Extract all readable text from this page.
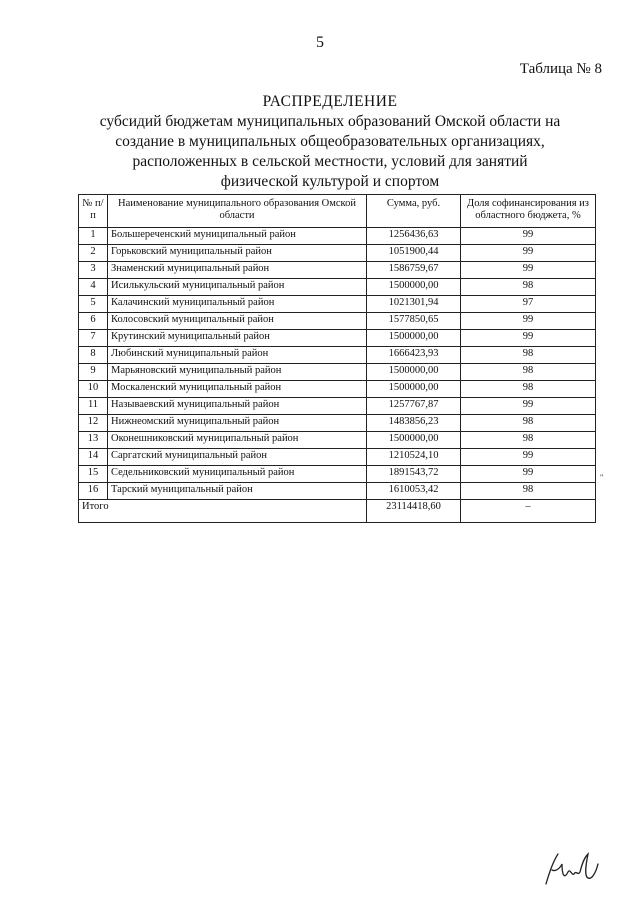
5
Таблица № 8
РАСПРЕДЕЛЕНИЕ
субсидий бюджетам муниципальных образований Омской области на
создание в муниципальных общеобразовательных организациях,
расположенных в сельской местности, условий для занятий
физической культурой и спортом
№ п/п	Наименование муниципального образования Омской области	Сумма, руб.	Доля софинансирования из областного бюджета, %
1	Большереченский муниципальный район	1256436,63	99
2	Горьковский муниципальный район	1051900,44	99
3	Знаменский муниципальный район	1586759,67	99
4	Исилькульский муниципальный район	1500000,00	98
5	Калачинский муниципальный район	1021301,94	97
6	Колосовский муниципальный район	1577850,65	99
7	Крутинский муниципальный район	1500000,00	99
8	Любинский муниципальный район	1666423,93	98
9	Марьяновский муниципальный район	1500000,00	98
10	Москаленский муниципальный район	1500000,00	98
11	Называевский муниципальный район	1257767,87	99
12	Нижнеомский муниципальный район	1483856,23	98
13	Оконешниковский муниципальный район	1500000,00	98
14	Саргатский муниципальный район	1210524,10	99
15	Седельниковский муниципальный район	1891543,72	99
16	Тарский муниципальный район	1610053,42	98
Итого		23114418,60	–
"
